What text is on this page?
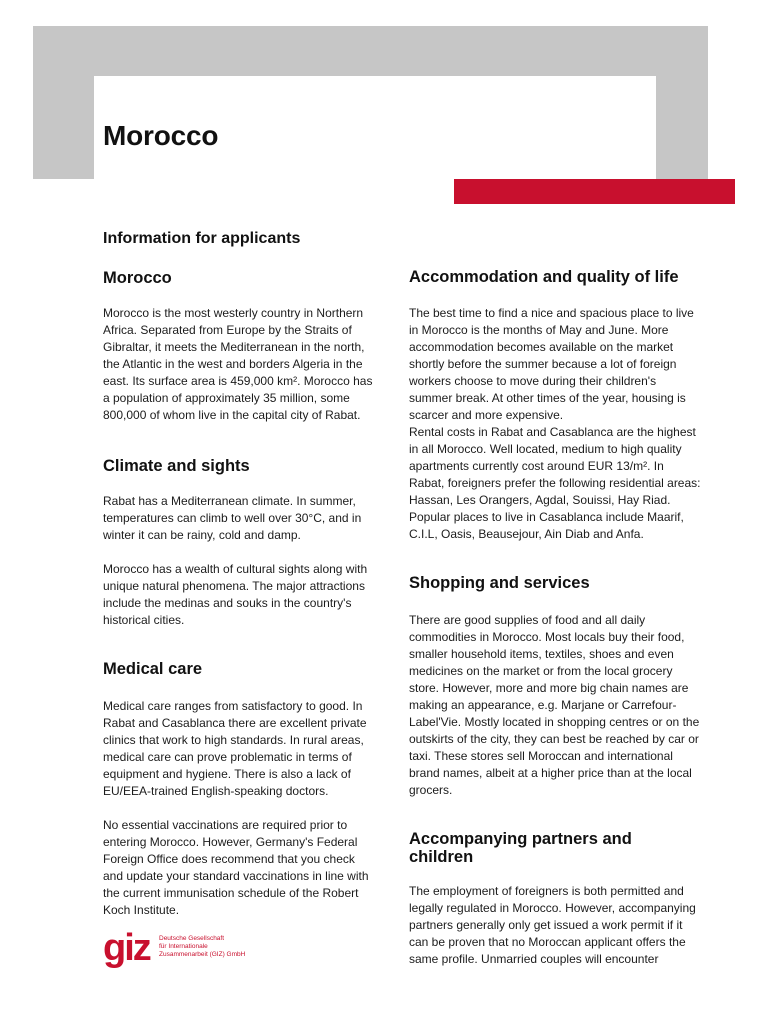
Morocco
Information for applicants
Morocco

Morocco is the most westerly country in Northern Africa. Separated from Europe by the Straits of Gibraltar, it meets the Mediterranean in the north, the Atlantic in the west and borders Algeria in the east. Its surface area is 459,000 km². Morocco has a population of approximately 35 million, some 800,000 of whom live in the capital city of Rabat.

Climate and sights

Rabat has a Mediterranean climate. In summer, temperatures can climb to well over 30°C, and in winter it can be rainy, cold and damp.

Morocco has a wealth of cultural sights along with unique natural phenomena. The major attractions include the medinas and souks in the country's historical cities.

Medical care

Medical care ranges from satisfactory to good. In Rabat and Casablanca there are excellent private clinics that work to high standards. In rural areas, medical care can prove problematic in terms of equipment and hygiene. There is also a lack of EU/EEA-trained English-speaking doctors.

No essential vaccinations are required prior to entering Morocco. However, Germany's Federal Foreign Office does recommend that you check and update your standard vaccinations in line with the current immunisation schedule of the Robert Koch Institute.

Accommodation and quality of life

The best time to find a nice and spacious place to live in Morocco is the months of May and June. More accommodation becomes available on the market shortly before the summer because a lot of foreign workers choose to move during their children's summer break. At other times of the year, housing is scarcer and more expensive.

Rental costs in Rabat and Casablanca are the highest in all Morocco. Well located, medium to high quality apartments currently cost around EUR 13/m². In Rabat, foreigners prefer the following residential areas: Hassan, Les Orangers, Agdal, Souissi, Hay Riad. Popular places to live in Casablanca include Maarif, C.I.L, Oasis, Beausejour, Ain Diab and Anfa.

Shopping and services

There are good supplies of food and all daily commodities in Morocco. Most locals buy their food, smaller household items, textiles, shoes and even medicines on the market or from the local grocery store. However, more and more big chain names are making an appearance, e.g. Marjane or Carrefour-Label'Vie. Mostly located in shopping centres or on the outskirts of the city, they can best be reached by car or taxi. These stores sell Moroccan and international brand names, albeit at a higher price than at the local grocers.

Accompanying partners and children

The employment of foreigners is both permitted and legally regulated in Morocco. However, accompanying partners generally only get issued a work permit if it can be proven that no Moroccan applicant offers the same profile. Unmarried couples will encounter

giz Deutsche Gesellschaft
für Internationale
Zusammenarbeit (GIZ) GmbH
